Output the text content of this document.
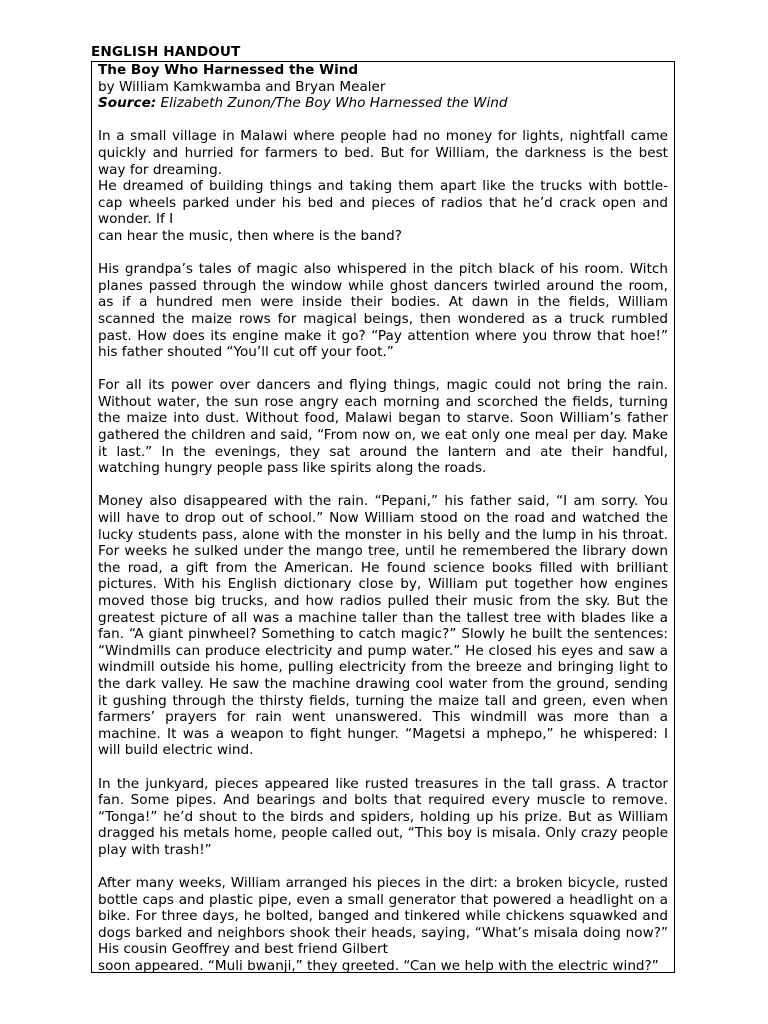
ENGLISH HANDOUT

The Boy Who Harnessed the Wind

by William Kamkwamba and Bryan Mealer

Source: Elizabeth Zunon/The Boy Who Harnessed the Wind

In a small village in Malawi where people had no money for lights, nightfall came quickly and hurried for farmers to bed. But for William, the darkness is the best way for dreaming.

He dreamed of building things and taking them apart like the trucks with bottle-cap wheels parked under his bed and pieces of radios that he’d crack open and wonder. If I

can hear the music, then where is the band?

His grandpa’s tales of magic also whispered in the pitch black of his room. Witch planes passed through the window while ghost dancers twirled around the room, as if a hundred men were inside their bodies. At dawn in the fields, William scanned the maize rows for magical beings, then wondered as a truck rumbled past. How does its engine make it go? “Pay attention where you throw that hoe!” his father shouted “You’ll cut off your foot.”

For all its power over dancers and flying things, magic could not bring the rain. Without water, the sun rose angry each morning and scorched the fields, turning the maize into dust. Without food, Malawi began to starve. Soon William’s father gathered the children and said, “From now on, we eat only one meal per day. Make it last.” In the evenings, they sat around the lantern and ate their handful, watching hungry people pass like spirits along the roads.

Money also disappeared with the rain. “Pepani,” his father said, “I am sorry. You will have to drop out of school.” Now William stood on the road and watched the lucky students pass, alone with the monster in his belly and the lump in his throat. For weeks he sulked under the mango tree, until he remembered the library down the road, a gift from the American. He found science books filled with brilliant pictures. With his English dictionary close by, William put together how engines moved those big trucks, and how radios pulled their music from the sky. But the greatest picture of all was a machine taller than the tallest tree with blades like a fan. “A giant pinwheel? Something to catch magic?” Slowly he built the sentences: “Windmills can produce electricity and pump water.” He closed his eyes and saw a windmill outside his home, pulling electricity from the breeze and bringing light to the dark valley. He saw the machine drawing cool water from the ground, sending it gushing through the thirsty fields, turning the maize tall and green, even when farmers’ prayers for rain went unanswered. This windmill was more than a machine. It was a weapon to fight hunger. “Magetsi a mphepo,” he whispered: I will build electric wind.

In the junkyard, pieces appeared like rusted treasures in the tall grass. A tractor fan. Some pipes. And bearings and bolts that required every muscle to remove. “Tonga!” he’d shout to the birds and spiders, holding up his prize. But as William dragged his metals home, people called out, “This boy is misala. Only crazy people play with trash!”

After many weeks, William arranged his pieces in the dirt: a broken bicycle, rusted bottle caps and plastic pipe, even a small generator that powered a headlight on a bike. For three days, he bolted, banged and tinkered while chickens squawked and dogs barked and neighbors shook their heads, saying, “What’s misala doing now?” His cousin Geoffrey and best friend Gilbert

soon appeared. “Muli bwanji,” they greeted. “Can we help with the electric wind?”
